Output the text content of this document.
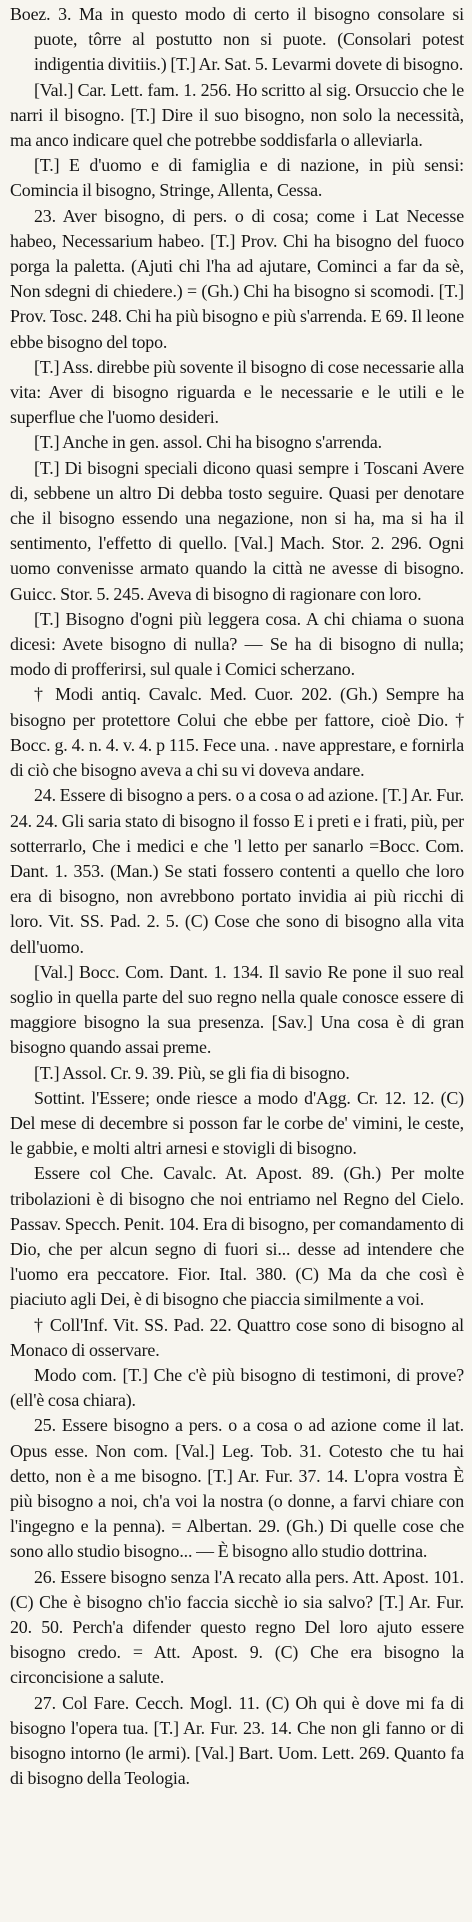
Boez. 3. Ma in questo modo di certo il bisogno consolare si puote, tôrre al postutto non si puote. (Consolari potest indigentia divitiis.) [T.] Ar. Sat. 5. Levarmi dovete di bisogno.

[Val.] Car. Lett. fam. 1. 256. Ho scritto al sig. Orsuccio che le narri il bisogno. [T.] Dire il suo bisogno, non solo la necessità, ma anco indicare quel che potrebbe soddisfarla o alleviarla.

[T.] E d'uomo e di famiglia e di nazione, in più sensi: Comincia il bisogno, Stringe, Allenta, Cessa.

23. Aver bisogno, di pers. o di cosa; come i Lat Necesse habeo, Necessarium habeo. [T.] Prov. Chi ha bisogno del fuoco porga la paletta. (Ajuti chi l'ha ad ajutare, Cominci a far da sè, Non sdegni di chiedere.) = (Gh.) Chi ha bisogno si scomodi. [T.] Prov. Tosc. 248. Chi ha più bisogno e più s'arrenda. E 69. Il leone ebbe bisogno del topo.

[T.] Ass. direbbe più sovente il bisogno di cose necessarie alla vita: Aver di bisogno riguarda e le necessarie e le utili e le superflue che l'uomo desideri.

[T.] Anche in gen. assol. Chi ha bisogno s'arrenda.

[T.] Di bisogni speciali dicono quasi sempre i Toscani Avere di, sebbene un altro Di debba tosto seguire. Quasi per denotare che il bisogno essendo una negazione, non si ha, ma si ha il sentimento, l'effetto di quello. [Val.] Mach. Stor. 2. 296. Ogni uomo convenisse armato quando la città ne avesse di bisogno. Guicc. Stor. 5. 245. Aveva di bisogno di ragionare con loro.

[T.] Bisogno d'ogni più leggera cosa. A chi chiama o suona dicesi: Avete bisogno di nulla? — Se ha di bisogno di nulla; modo di profferirsi, sul quale i Comici scherzano.

† Modi antiq. Cavalc. Med. Cuor. 202. (Gh.) Sempre ha bisogno per protettore Colui che ebbe per fattore, cioè Dio. † Bocc. g. 4. n. 4. v. 4. p 115. Fece una. . nave apprestare, e fornirla di ciò che bisogno aveva a chi su vi doveva andare.

24. Essere di bisogno a pers. o a cosa o ad azione. [T.] Ar. Fur. 24. 24. Gli saria stato di bisogno il fosso E i preti e i frati, più, per sotterrarlo, Che i medici e che 'l letto per sanarlo =Bocc. Com. Dant. 1. 353. (Man.) Se stati fossero contenti a quello che loro era di bisogno, non avrebbono portato invidia ai più ricchi di loro. Vit. SS. Pad. 2. 5. (C) Cose che sono di bisogno alla vita dell'uomo.

[Val.] Bocc. Com. Dant. 1. 134. Il savio Re pone il suo real soglio in quella parte del suo regno nella quale conosce essere di maggiore bisogno la sua presenza. [Sav.] Una cosa è di gran bisogno quando assai preme.

[T.] Assol. Cr. 9. 39. Più, se gli fia di bisogno.

Sottint. l'Essere; onde riesce a modo d'Agg. Cr. 12. 12. (C) Del mese di decembre si posson far le corbe de' vimini, le ceste, le gabbie, e molti altri arnesi e stovigli di bisogno.

Essere col Che. Cavalc. At. Apost. 89. (Gh.) Per molte tribolazioni è di bisogno che noi entriamo nel Regno del Cielo. Passav. Specch. Penit. 104. Era di bisogno, per comandamento di Dio, che per alcun segno di fuori si... desse ad intendere che l'uomo era peccatore. Fior. Ital. 380. (C) Ma da che così è piaciuto agli Dei, è di bisogno che piaccia similmente a voi.

† Coll'Inf. Vit. SS. Pad. 22. Quattro cose sono di bisogno al Monaco di osservare.

Modo com. [T.] Che c'è più bisogno di testimoni, di prove? (ell'è cosa chiara).

25. Essere bisogno a pers. o a cosa o ad azione come il lat. Opus esse. Non com. [Val.] Leg. Tob. 31. Cotesto che tu hai detto, non è a me bisogno. [T.] Ar. Fur. 37. 14. L'opra vostra È più bisogno a noi, ch'a voi la nostra (o donne, a farvi chiare con l'ingegno e la penna). = Albertan. 29. (Gh.) Di quelle cose che sono allo studio bisogno... — È bisogno allo studio dottrina.

26. Essere bisogno senza l'A recato alla pers. Att. Apost. 101. (C) Che è bisogno ch'io faccia sicchè io sia salvo? [T.] Ar. Fur. 20. 50. Perch'a difender questo regno Del loro ajuto essere bisogno credo. = Att. Apost. 9. (C) Che era bisogno la circoncisione a salute.

27. Col Fare. Cecch. Mogl. 11. (C) Oh qui è dove mi fa di bisogno l'opera tua. [T.] Ar. Fur. 23. 14. Che non gli fanno or di bisogno intorno (le armi). [Val.] Bart. Uom. Lett. 269. Quanto fa di bisogno della Teologia.
